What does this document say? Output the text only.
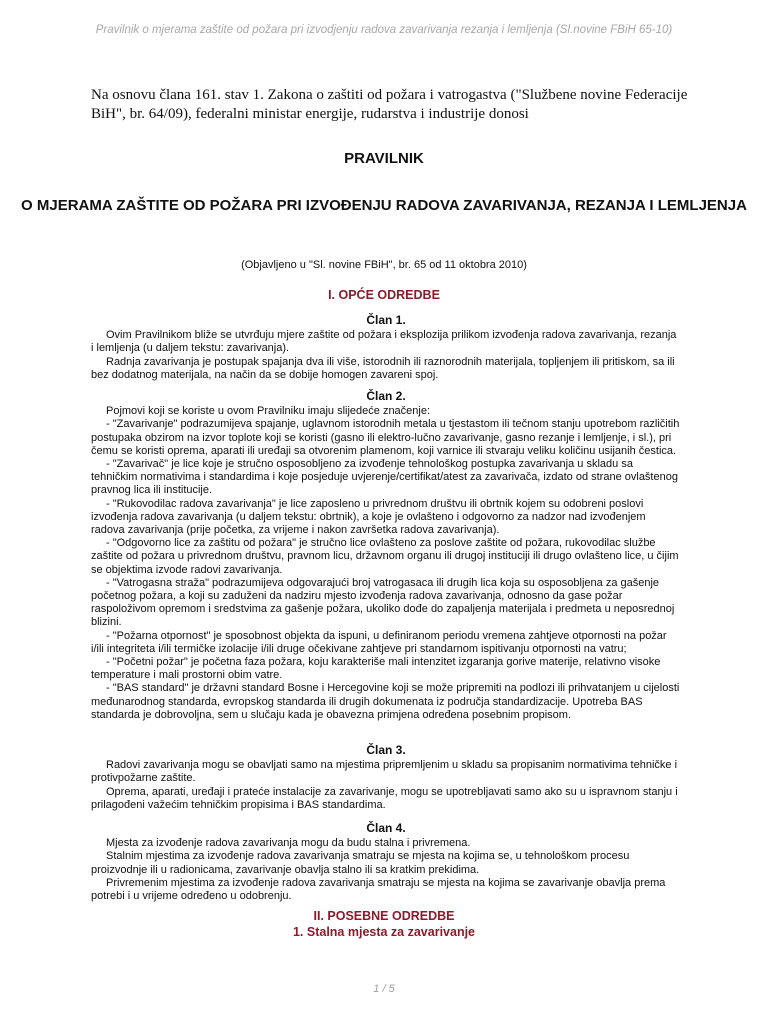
Pravilnik o mjerama zaštite od požara pri izvodjenju radova zavarivanja rezanja i lemljenja (Sl.novine FBiH 65-10)
Na osnovu člana 161. stav 1. Zakona o zaštiti od požara i vatrogastva ("Službene novine Federacije BiH", br. 64/09), federalni ministar energije, rudarstva i industrije donosi
PRAVILNIK
O MJERAMA ZAŠTITE OD POŽARA PRI IZVOĐENJU RADOVA ZAVARIVANJA, REZANJA I LEMLJENJA
(Objavljeno u "Sl. novine FBiH", br. 65 od 11 oktobra 2010)
I. OPĆE ODREDBE
Član 1.

Ovim Pravilnikom bliže se utvrđuju mjere zaštite od požara i eksplozija prilikom izvođenja radova zavarivanja, rezanja i lemljenja (u daljem tekstu: zavarivanja).

Radnja zavarivanja je postupak spajanja dva ili više, istorodnih ili raznorodnih materijala, topljenjem ili pritiskom, sa ili bez dodatnog materijala, na način da se dobije homogen zavareni spoj.

Član 2.

Pojmovi koji se koriste u ovom Pravilniku imaju slijedeće značenje:

- "Zavarivanje" podrazumijeva spajanje, uglavnom istorodnih metala u tjestastom ili tečnom stanju upotrebom različitih postupaka obzirom na izvor toplote koji se koristi (gasno ili elektro-lučno zavarivanje, gasno rezanje i lemljenje, i sl.), pri čemu se koristi oprema, aparati ili uređaji sa otvorenim plamenom, koji varnice ili stvaraju veliku količinu usijanih čestica.

- "Zavarivač" je lice koje je stručno osposobljeno za izvođenje tehnološkog postupka zavarivanja u skladu sa tehničkim normativima i standardima i koje posjeduje uvjerenje/certifikat/atest za zavarivača, izdato od strane ovlaštenog pravnog lica ili institucije.

- "Rukovodilac radova zavarivanja" je lice zaposleno u privrednom društvu ili obrtnik kojem su odobreni poslovi izvođenja radova zavarivanja (u daljem tekstu: obrtnik), a koje je ovlašteno i odgovorno za nadzor nad izvođenjem radova zavarivanja (prije početka, za vrijeme i nakon završetka radova zavarivanja).

- "Odgovorno lice za zaštitu od požara" je stručno lice ovlašteno za poslove zaštite od požara, rukovodilac službe zaštite od požara u privrednom društvu, pravnom licu, državnom organu ili drugoj instituciji ili drugo ovlašteno lice, u čijim se objektima izvode radovi zavarivanja.

- "Vatrogasna straža" podrazumijeva odgovarajući broj vatrogasaca ili drugih lica koja su osposobljena za gašenje početnog požara, a koji su zaduženi da nadziru mjesto izvođenja radova zavarivanja, odnosno da gase požar raspoloživom opremom i sredstvima za gašenje požara, ukoliko dođe do zapaljenja materijala i predmeta u neposrednoj blizini.

- "Požarna otpornost" je sposobnost objekta da ispuni, u definiranom periodu vremena zahtjeve otpornosti na požar i/ili integriteta i/ili termičke izolacije i/ili druge očekivane zahtjeve pri standarnom ispitivanju otpornosti na vatru;

- "Početni požar" je početna faza požara, koju karakteriše mali intenzitet izgaranja gorive materije, relativno visoke temperature i mali prostorni obim vatre.

- "BAS standard" je državni standard Bosne i Hercegovine koji se može pripremiti na podlozi ili prihvatanjem u cijelosti međunarodnog standarda, evropskog standarda ili drugih dokumenata iz područja standardizacije. Upotreba BAS standarda je dobrovoljna, sem u slučaju kada je obavezna primjena određena posebnim propisom.

Član 3.

Radovi zavarivanja mogu se obavljati samo na mjestima pripremljenim u skladu sa propisanim normativima tehničke i protivpožarne zaštite.

Oprema, aparati, uređaji i prateće instalacije za zavarivanje, mogu se upotrebljavati samo ako su u ispravnom stanju i prilagođeni važećim tehničkim propisima i BAS standardima.

Član 4.

Mjesta za izvođenje radova zavarivanja mogu da budu stalna i privremena.

Stalnim mjestima za izvođenje radova zavarivanja smatraju se mjesta na kojima se, u tehnološkom procesu proizvodnje ili u radionicama, zavarivanje obavlja stalno ili sa kratkim prekidima.

Privremenim mjestima za izvođenje radova zavarivanja smatraju se mjesta na kojima se zavarivanje obavlja prema potrebi i u vrijeme određeno u odobrenju.

II. POSEBNE ODREDBE
1. Stalna mjesta za zavarivanje
1 / 5
